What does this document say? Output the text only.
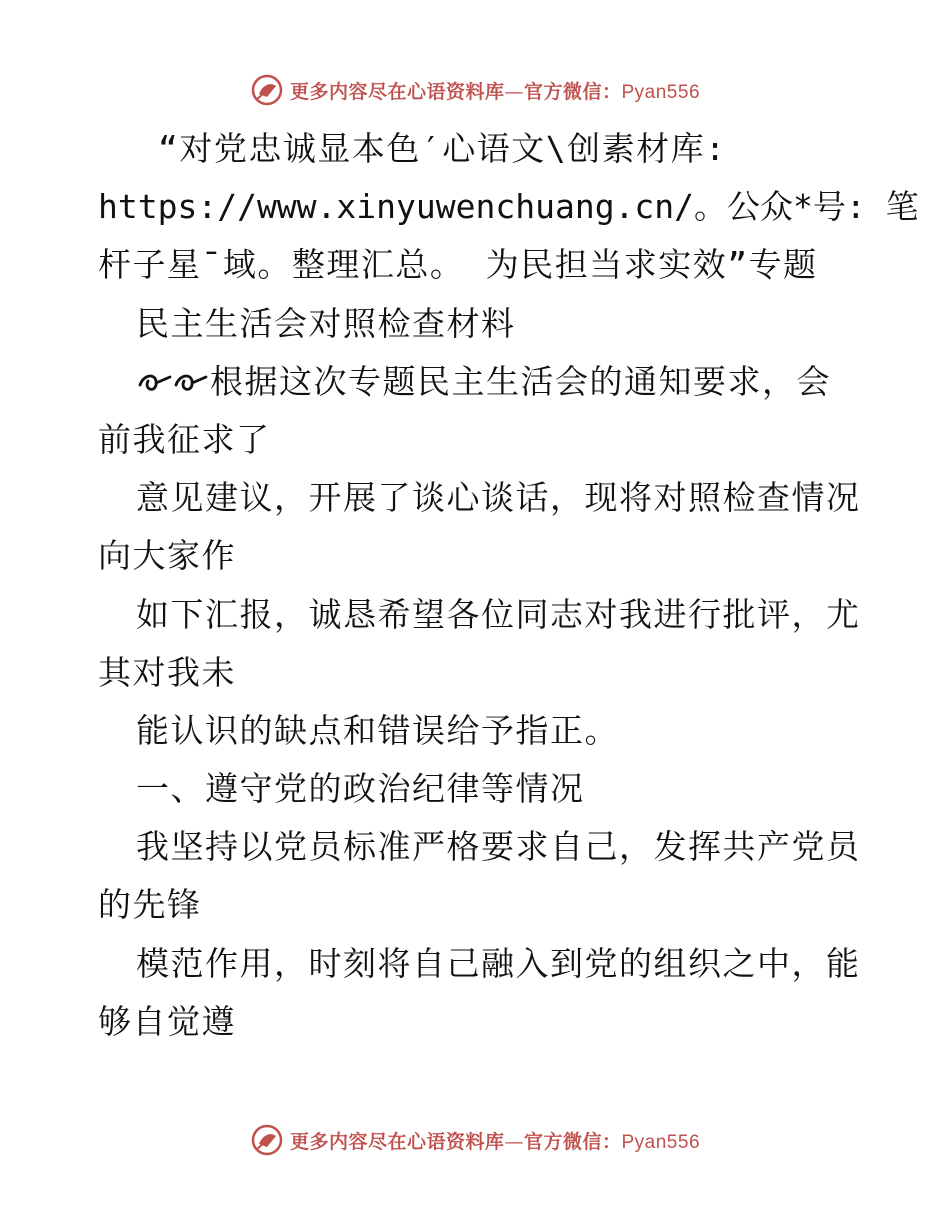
更多内容尽在心语资料库—官方微信：Pyan556
“对党忠诚显本色′心语文\创素材库:
https://www.xinyuwenchuang.cn/。公众*号: 笔
杆子星¯域。整理汇总。 为民担当求实效”专题
民主生活会对照检查材料
根据这次专题民主生活会的通知要求，会
前我征求了
意见建议，开展了谈心谈话，现将对照检查情况
向大家作
如下汇报，诚恳希望各位同志对我进行批评，尤
其对我未
能认识的缺点和错误给予指正。
一、遵守党的政治纪律等情况
我坚持以党员标准严格要求自己，发挥共产党员
的先锋
模范作用，时刻将自己融入到党的组织之中，能
够自觉遵
更多内容尽在心语资料库—官方微信：Pyan556
